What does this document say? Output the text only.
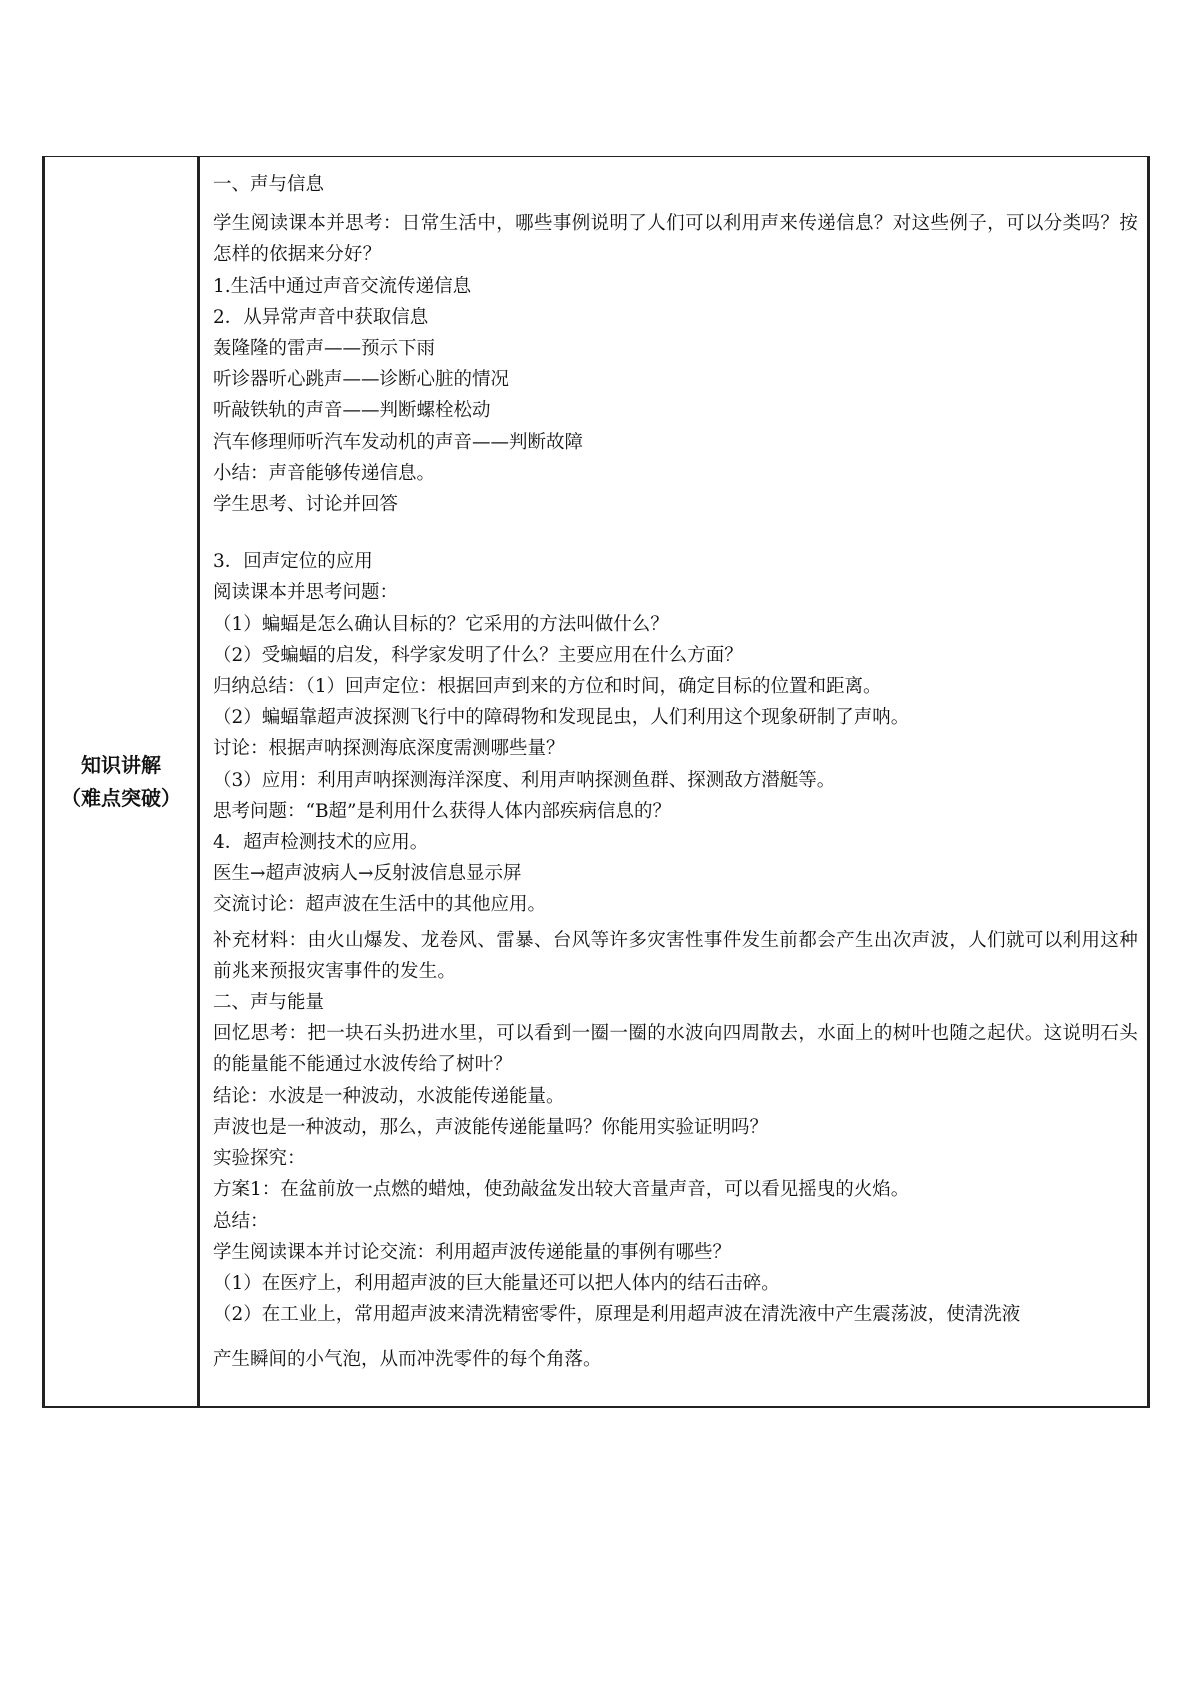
知识讲解
（难点突破）
一、声与信息
学生阅读课本并思考：日常生活中，哪些事例说明了人们可以利用声来传递信息？对这些例子，可以分类吗？按怎样的依据来分好？
1.生活中通过声音交流传递信息
2．从异常声音中获取信息
轰隆隆的雷声——预示下雨
听诊器听心跳声——诊断心脏的情况
听敲铁轨的声音——判断螺栓松动
汽车修理师听汽车发动机的声音——判断故障
小结：声音能够传递信息。
学生思考、讨论并回答
3．回声定位的应用
阅读课本并思考问题：
（1）蝙蝠是怎么确认目标的？它采用的方法叫做什么？
（2）受蝙蝠的启发，科学家发明了什么？主要应用在什么方面？
归纳总结：（1）回声定位：根据回声到来的方位和时间，确定目标的位置和距离。
（2）蝙蝠靠超声波探测飞行中的障碍物和发现昆虫，人们利用这个现象研制了声呐。
讨论：根据声呐探测海底深度需测哪些量？
（3）应用：利用声呐探测海洋深度、利用声呐探测鱼群、探测敌方潜艇等。
思考问题：“B超”是利用什么获得人体内部疾病信息的？
4．超声检测技术的应用。
医生→超声波病人→反射波信息显示屏
交流讨论：超声波在生活中的其他应用。
补充材料：由火山爆发、龙卷风、雷暴、台风等许多灾害性事件发生前都会产生出次声波，人们就可以利用这种前兆来预报灾害事件的发生。
二、声与能量
回忆思考：把一块石头扔进水里，可以看到一圈一圈的水波向四周散去，水面上的树叶也随之起伏。这说明石头的能量能不能通过水波传给了树叶？
结论：水波是一种波动，水波能传递能量。
声波也是一种波动，那么，声波能传递能量吗？你能用实验证明吗？
实验探究：
方案1：在盆前放一点燃的蜡烛，使劲敲盆发出较大音量声音，可以看见摇曳的火焰。
总结：
学生阅读课本并讨论交流：利用超声波传递能量的事例有哪些？
（1）在医疗上，利用超声波的巨大能量还可以把人体内的结石击碎。
（2）在工业上，常用超声波来清洗精密零件，原理是利用超声波在清洗液中产生震荡波，使清洗液
产生瞬间的小气泡，从而冲洗零件的每个角落。
